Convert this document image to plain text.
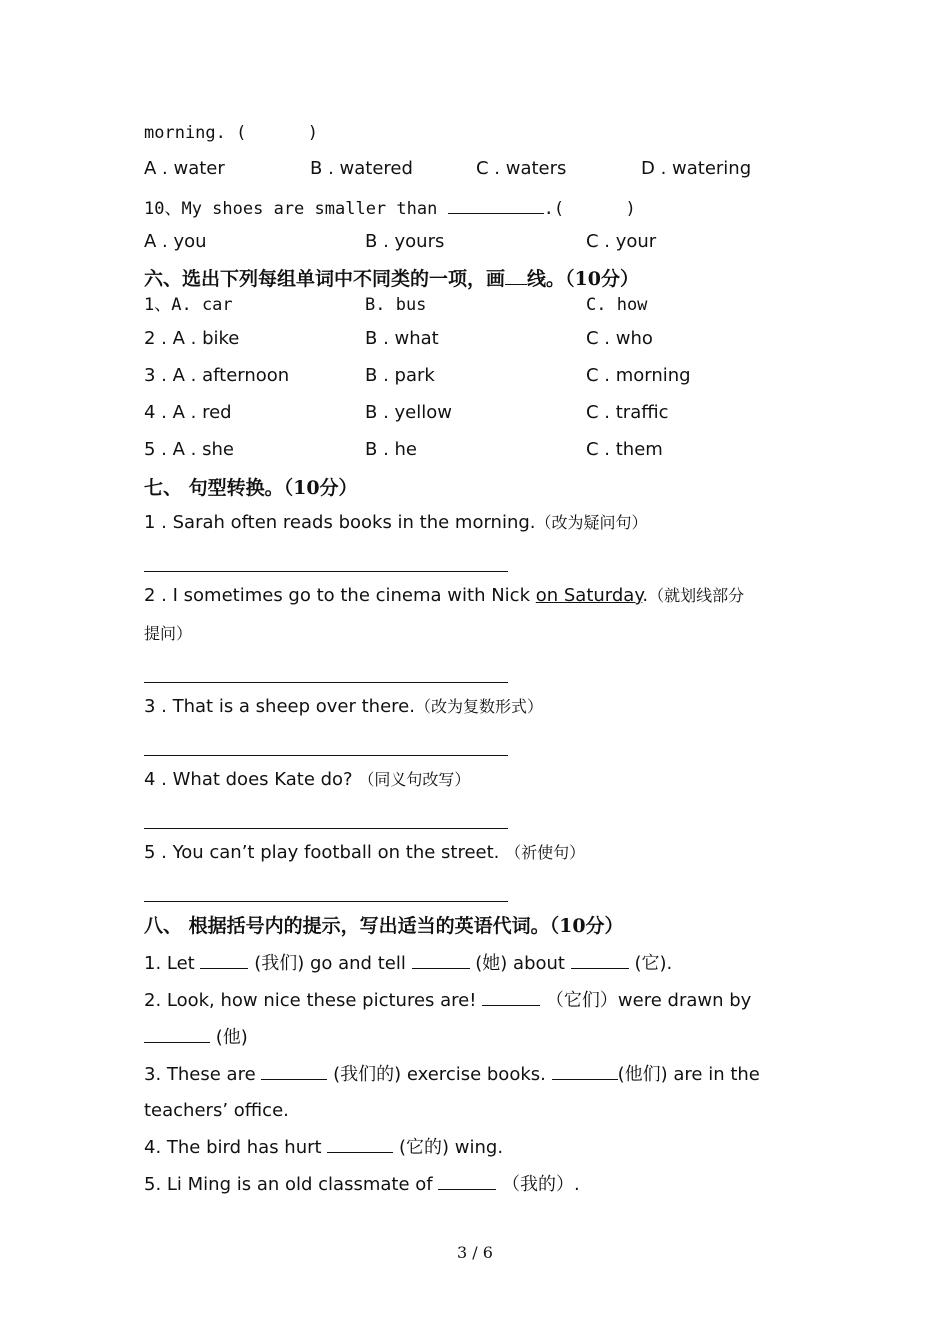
morning. (      )
A . water	B . watered	C . waters	D . watering
10、My shoes are smaller than	.(      )
A . you	B . yours	C . your
六、选出下列每组单词中不同类的一项，画 线。（10分）
1、A. car	B. bus	C. how
2 . A . bike	B . what	C . who
3 . A . afternoon	B . park	C . morning
4 . A . red	B . yellow	C . traffic
5 . A . she	B . he	C . them
七、 句型转换。（10分）
1 . Sarah often reads books in the morning.（改为疑问句）
2 . I sometimes go to the cinema with Nick on Saturday.（就划线部分
提问）
3 . That is a sheep over there.（改为复数形式）
4 . What does Kate do? （同义句改写）
5 . You can’t play football on the street. （祈使句）
八、 根据括号内的提示，写出适当的英语代词。（10分）
1. Let	(我们) go and tell	(她) about	(它).
2. Look, how nice these pictures are!	（它们）were drawn by
(他)
3. These are	(我们的) exercise books.	(他们) are in the
teachers’ office.
4. The bird has hurt	(它的) wing.
5. Li Ming is an old classmate of	（我的）.
3 / 6
